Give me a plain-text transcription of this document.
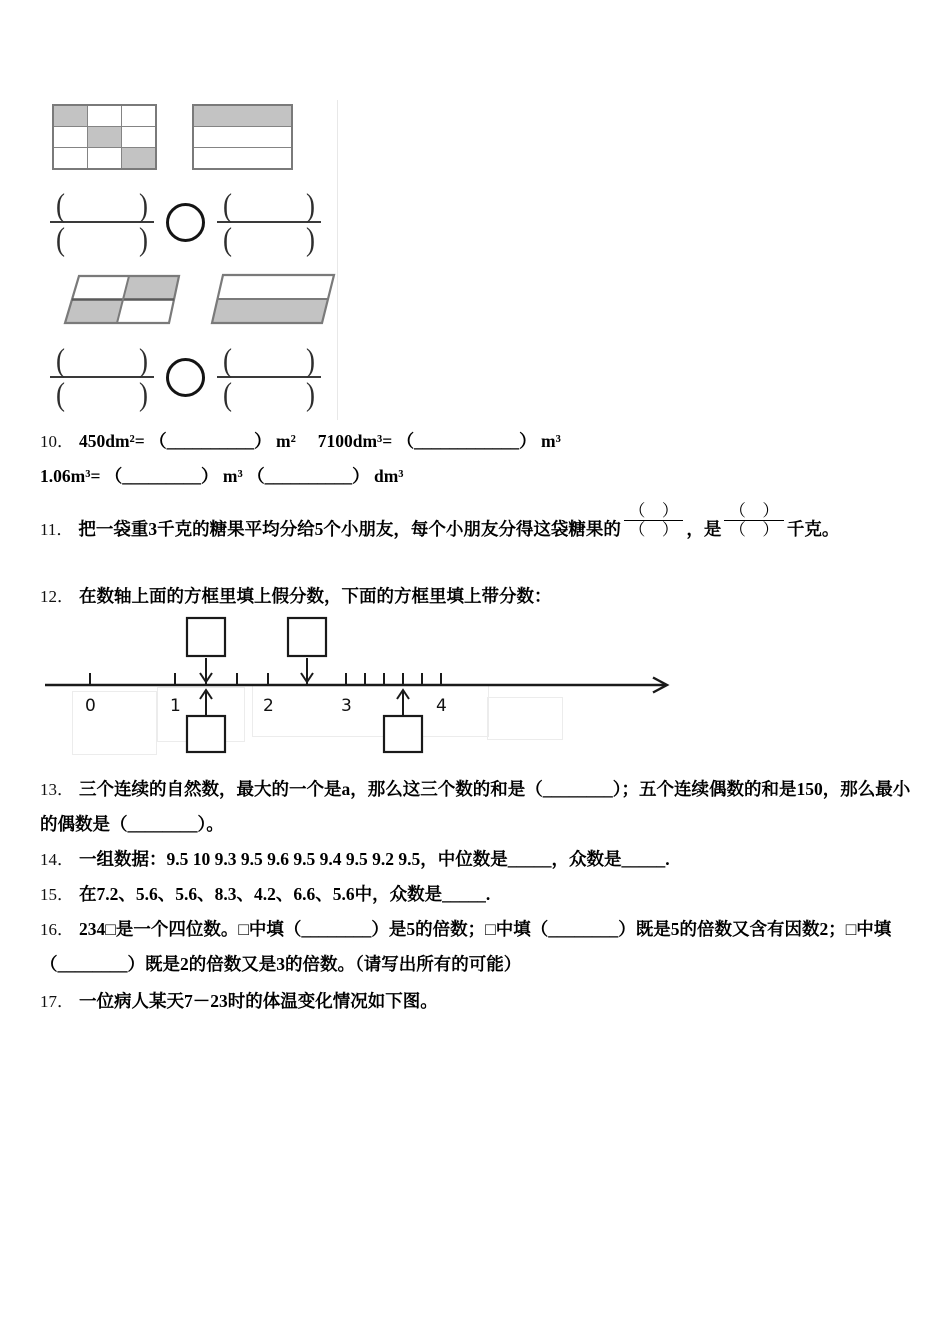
(	)
(	) (	)
(	)
(	)
(	) (	)
(	)
10． 450dm²= （__________） m²　 7100dm³= （____________） m³
1.06m³= （_________） m³ （__________） dm³
11． 把一袋重3千克的糖果平均分给5个小朋友，每个小朋友分得这袋糖果的 $\frac{( )}{( )}$ ，是 $\frac{( )}{( )}$ 千克。
12． 在数轴上面的方框里填上假分数，下面的方框里填上带分数：
0	1	2	3	4
13． 三个连续的自然数，最大的一个是a，那么这三个数的和是（________）；五个连续偶数的和是150，那么最小
的偶数是（________）。
14． 一组数据：9.5 10 9.3 9.5 9.6 9.5 9.4 9.5 9.2 9.5，中位数是_____，众数是_____.
15． 在7.2、5.6、5.6、8.3、4.2、6.6、5.6中，众数是_____.
16． 234□是一个四位数。□中填（________）是5的倍数；□中填（________）既是5的倍数又含有因数2；□中填
（________）既是2的倍数又是3的倍数。（请写出所有的可能）
17． 一位病人某天7－23时的体温变化情况如下图。
